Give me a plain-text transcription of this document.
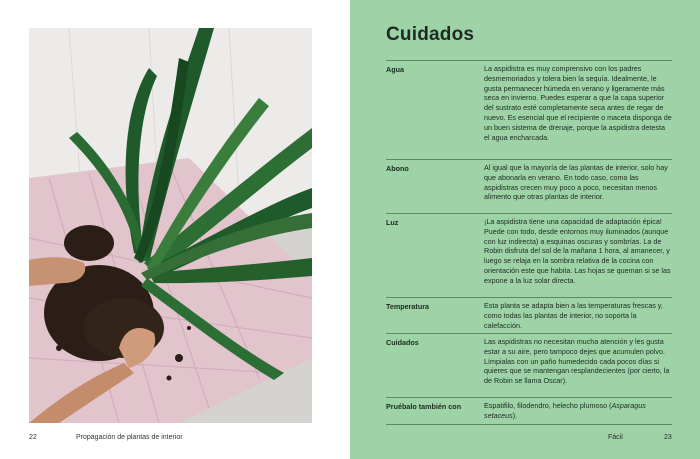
22	Propagación de plantas de interior
Cuidados
Agua	La aspidistra es muy comprensivo con los padres desmemoriados y tolera bien la sequía. Idealmente, le gusta permanecer húmeda en verano y ligeramente más seca en invierno. Puedes esperar a que la capa superior del sustrato esté completamente seca antes de regar de nuevo. Es esencial que el recipiente o maceta disponga de un buen sistema de drenaje, porque la aspidistra detesta el agua encharcada.
Abono	Al igual que la mayoría de las plantas de interior, solo hay que abonarla en verano. En todo caso, como las aspidistras crecen muy poco a poco, necesitan menos alimento que otras plantas de interior.
Luz	¡La aspidistra tiene una capacidad de adaptación épica! Puede con todo, desde entornos muy iluminados (aunque con luz indirecta) a esquinas oscuras y sombrías. La de Robin disfruta del sol de la mañana 1 hora, al amanecer, y luego se relaja en la sombra relativa de la cocina con orientación este que habita. Las hojas se queman si se las expone a la luz solar directa.
Temperatura	Esta planta se adapta bien a las temperaturas frescas y, como todas las plantas de interior, no soporta la calefacción.
Cuidados	Las aspidistras no necesitan mucha atención y les gusta estar a su aire, pero tampoco dejes que acumulen polvo. Límpialas con un paño humedecido cada pocos días si quieres que se mantengan resplandecientes (por cierto, la de Robin se llama Oscar).
Pruébalo también con	Espatifilo, filodendro, helecho plumoso (Asparagus setaceus).
Fácil	23
